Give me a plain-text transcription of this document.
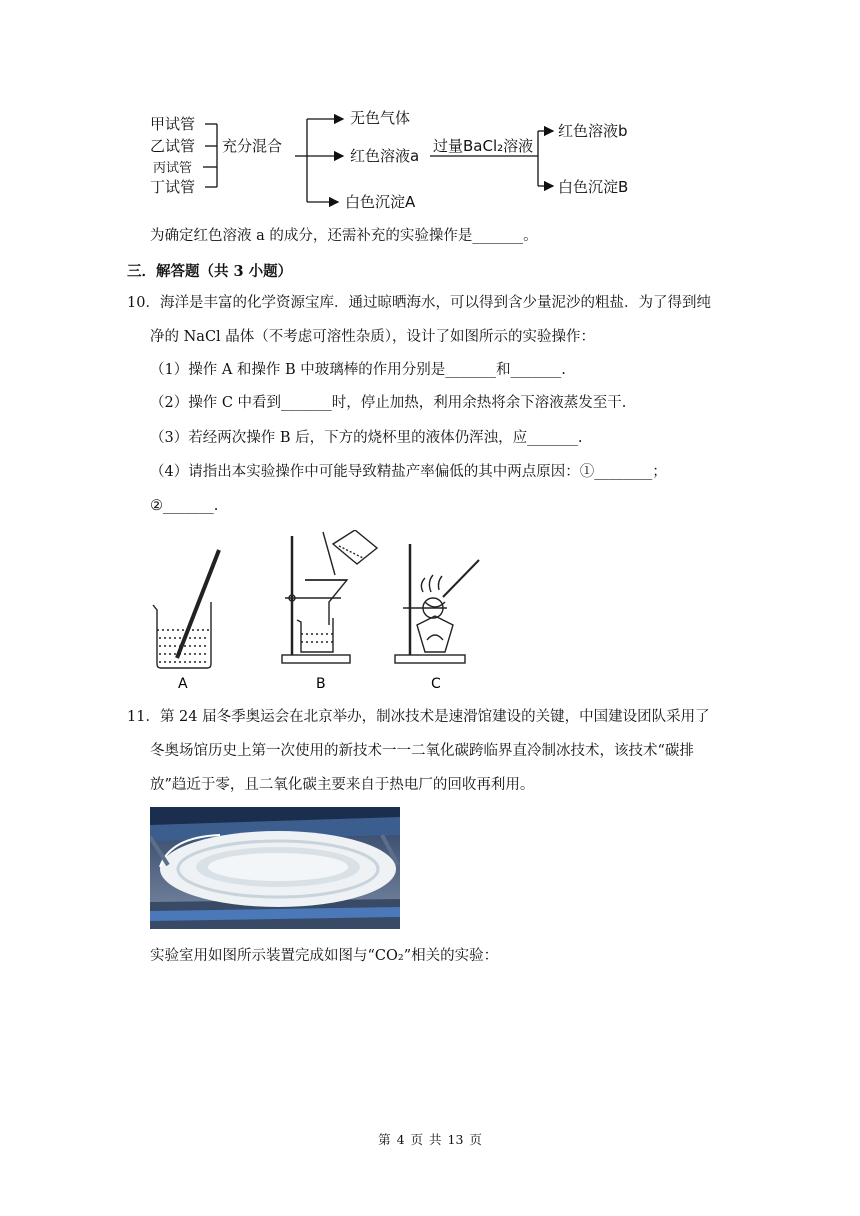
甲试管
乙试管
丙试管
丁试管
充分混合
无色气体
红色溶液a
白色沉淀A
过量BaCl₂溶液
红色溶液b
白色沉淀B
为确定红色溶液 a 的成分，还需补充的实验操作是_______。
三．解答题（共 3 小题）
10．海洋是丰富的化学资源宝库．通过晾晒海水，可以得到含少量泥沙的粗盐．为了得到纯
净的 NaCl 晶体（不考虑可溶性杂质），设计了如图所示的实验操作：
（1）操作 A 和操作 B 中玻璃棒的作用分别是_______和_______.
（2）操作 C 中看到_______时，停止加热，利用余热将余下溶液蒸发至干.
（3）若经两次操作 B 后，下方的烧杯里的液体仍浑浊，应_______.
（4）请指出本实验操作中可能导致精盐产率偏低的其中两点原因：①________；
②_______.
A	B	C
11．第 24 届冬季奥运会在北京举办，制冰技术是速滑馆建设的关键，中国建设团队采用了
冬奥场馆历史上第一次使用的新技术一一二氧化碳跨临界直冷制冰技术，该技术“碳排
放”趋近于零，且二氧化碳主要来自于热电厂的回收再利用。
实验室用如图所示装置完成如图与“CO₂”相关的实验：
第 4 页 共 13 页
